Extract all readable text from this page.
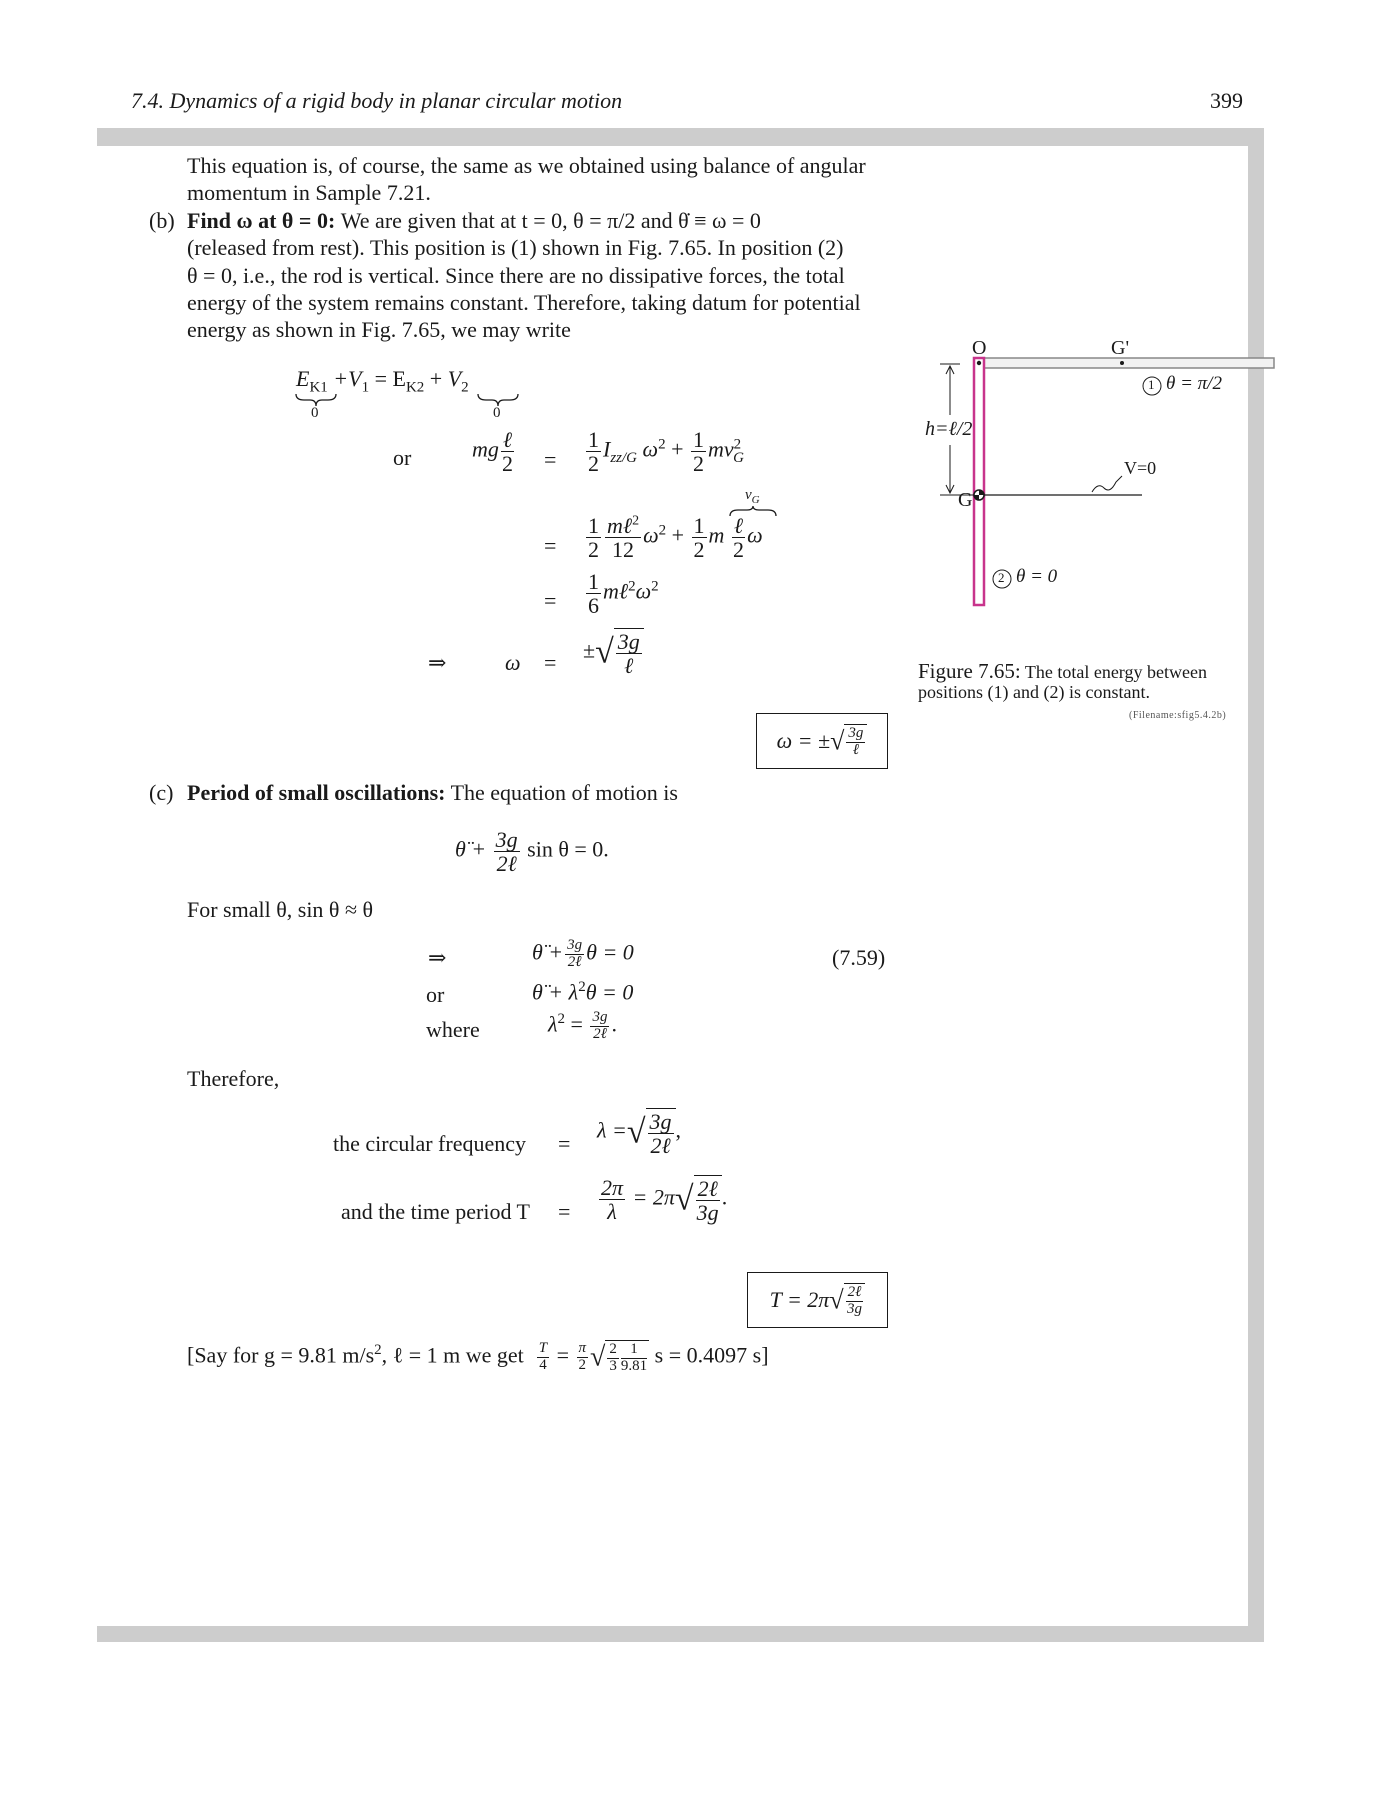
7.4. Dynamics of a rigid body in planar circular motion	399
This equation is, of course, the same as we obtained using balance of angular
momentum in Sample 7.21.
(b) Find ω at θ = 0: We are given that at t = 0, θ = π/2 and θ̇ ≡ ω = 0
(released from rest). This position is (1) shown in Fig. 7.65. In position (2)
θ = 0, i.e., the rod is vertical. Since there are no dissipative forces, the total
energy of the system remains constant. Therefore, taking datum for potential
energy as shown in Fig. 7.65, we may write
$E_{K1} +V_1 = E_{K2} + V_2$
0	0
or	mg $\frac{\text{ℓ}}{2} = \frac{1}{2} I_{zz/G}$ $\omega^2 + \frac{1}{2} mv^2_G$
$v_G$
= $\frac{1}{2} \frac{m\ell^2}{12} \omega^2 + \frac{1}{2}$ m $\frac{\text{ℓ}}{2}$ ω
= $\frac{1}{6}$ $m\ell^2\omega^2$
⇒	ω = ±√ $\frac{3g}{\text{ℓ}}$
ω = ± √ $\frac{3g}{\text{ℓ}}$
(c) Period of small oscillations: The equation of motion is
θ̈ + $\frac{3g}{\text{2ℓ}}$ sin θ = 0.
For small θ, sin θ ≈ θ
⇒	θ̈ + $\frac{3g}{\text{2ℓ}}$ θ = 0	(7.59)
or	θ̈ + $\lambda^2\theta = 0$
where	$\lambda^2 = \frac{3g}{\text{2ℓ}}$ .
Therefore,
the circular frequency =
λ =√ $\frac{3g}{\text{2ℓ}}$ ,
and the time period $T = \frac{2\pi}{\lambda} = 2\pi√ \frac{\text{2ℓ}}{3g}$ .
T = 2π √ $\frac{\text{2ℓ}}{3g}$
[Say for g = 9.81 $m/s^2$, ℓ = 1 m we get $\frac{T}{4} = \frac{\pi}{2}$ √ $\frac{2}{3} \frac{1}{9.81}$ s = 0.4097 s]
O	G'
G
h=ℓ/2
V=0
1 θ = π/2
2 θ = 0
Figure 7.65: The total energy between
positions (1) and (2) is constant.
(Filename:sfig5.4.2b)
